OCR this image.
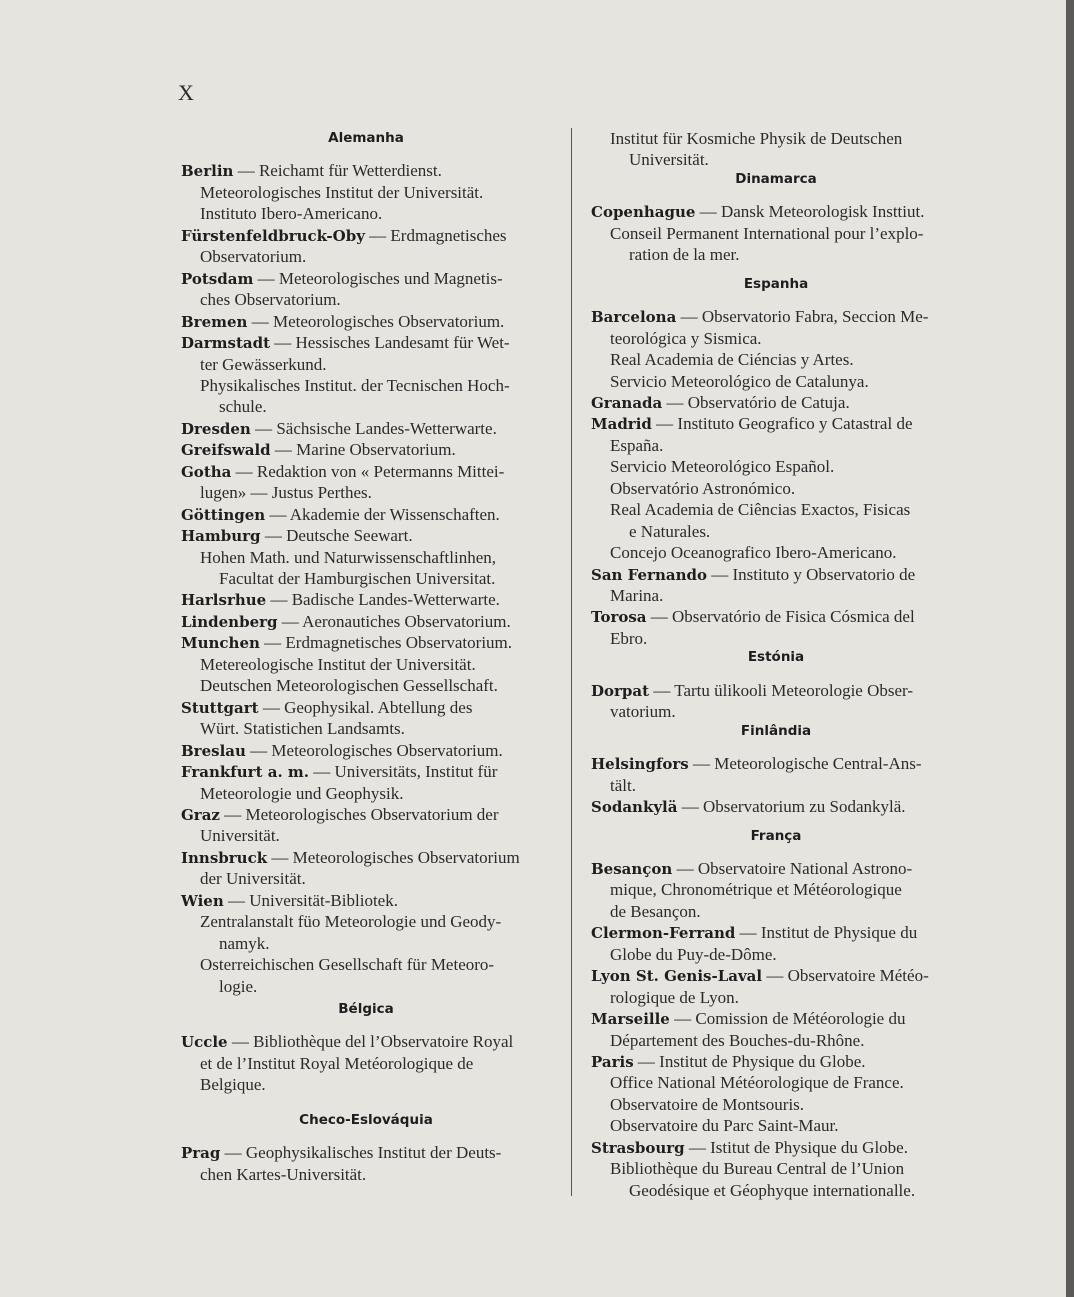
X
Alemanha
Berlin — Reichamt für Wetterdienst.
Meteorologisches Institut der Universität.
Instituto Ibero-Americano.
Fürstenfeldbruck-Oby — Erdmagnetisches
Observatorium.
Potsdam — Meteorologisches und Magnetis-
ches Observatorium.
Bremen — Meteorologisches Observatorium.
Darmstadt — Hessisches Landesamt für Wet-
ter Gewässerkund.
Physikalisches Institut. der Tecnischen Hoch-
schule.
Dresden — Sächsische Landes-Wetterwarte.
Greifswald — Marine Observatorium.
Gotha — Redaktion von « Petermanns Mittei-
lugen» — Justus Perthes.
Göttingen — Akademie der Wissenschaften.
Hamburg — Deutsche Seewart.
Hohen Math. und Naturwissenschaftlinhen,
Facultat der Hamburgischen Universitat.
Harlsrhue — Badische Landes-Wetterwarte.
Lindenberg — Aeronautiches Observatorium.
Munchen — Erdmagnetisches Observatorium.
Metereologische Institut der Universität.
Deutschen Meteorologischen Gessellschaft.
Stuttgart — Geophysikal. Abtellung des
Würt. Statistichen Landsamts.
Breslau — Meteorologisches Observatorium.
Frankfurt a. m. — Universitäts, Institut für
Meteorologie und Geophysik.
Graz — Meteorologisches Observatorium der
Universität.
Innsbruck — Meteorologisches Observatorium
der Universität.
Wien — Universität-Bibliotek.
Zentralanstalt füo Meteorologie und Geody-
namyk.
Osterreichischen Gesellschaft für Meteoro-
logie.
Bélgica
Uccle — Bibliothèque del l’Observatoire Royal
et de l’Institut Royal Metéorologique de
Belgique.
Checo-Eslováquia
Prag — Geophysikalisches Institut der Deuts-
chen Kartes-Universität.
Institut für Kosmiche Physik de Deutschen
Universität.
Dinamarca
Copenhague — Dansk Meteorologisk Insttiut.
Conseil Permanent International pour l’explo-
ration de la mer.
Espanha
Barcelona — Observatorio Fabra, Seccion Me-
teorológica y Sismica.
Real Academia de Ciéncias y Artes.
Servicio Meteorológico de Catalunya.
Granada — Observatório de Catuja.
Madrid — Instituto Geografico y Catastral de
España.
Servicio Meteorológico Español.
Observatório Astronómico.
Real Academia de Ciências Exactos, Fisicas
e Naturales.
Concejo Oceanografico Ibero-Americano.
San Fernando — Instituto y Observatorio de
Marina.
Torosa — Observatório de Fisica Cósmica del
Ebro.
Estónia
Dorpat — Tartu ülikooli Meteorologie Obser-
vatorium.
Finlândia
Helsingfors — Meteorologische Central-Ans-
tält.
Sodankylä — Observatorium zu Sodankylä.
França
Besançon — Observatoire National Astrono-
mique, Chronométrique et Météorologique
de Besançon.
Clermon-Ferrand — Institut de Physique du
Globe du Puy-de-Dôme.
Lyon St. Genis-Laval — Observatoire Météo-
rologique de Lyon.
Marseille — Comission de Météorologie du
Département des Bouches-du-Rhône.
Paris — Institut de Physique du Globe.
Office National Météorologique de France.
Observatoire de Montsouris.
Observatoire du Parc Saint-Maur.
Strasbourg — Istitut de Physique du Globe.
Bibliothèque du Bureau Central de l’Union
Geodésique et Géophyque internationalle.
